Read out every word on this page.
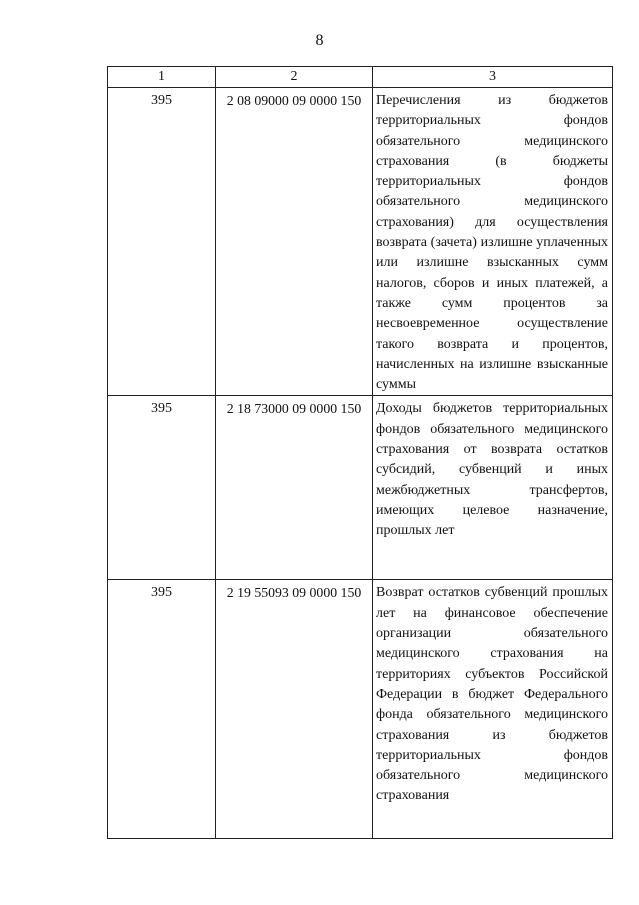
8
1	2	3
395	2 08 09000 09 0000 150	Перечисления из бюджетов территориальных фондов обязательного медицинского страхования (в бюджеты территориальных фондов обязательного медицинского страхования) для осуществления возврата (зачета) излишне уплаченных или излишне взысканных сумм налогов, сборов и иных платежей, а также сумм процентов за несвоевременное осуществление такого возврата и процентов, начисленных на излишне взысканные суммы
395	2 18 73000 09 0000 150	Доходы бюджетов территориальных фондов обязательного медицинского страхования от возврата остатков субсидий, субвенций и иных межбюджетных трансфертов, имеющих целевое назначение, прошлых лет
395	2 19 55093 09 0000 150	Возврат остатков субвенций прошлых лет на финансовое обеспечение организации обязательного медицинского страхования на территориях субъектов Российской Федерации в бюджет Федерального фонда обязательного медицинского страхования из бюджетов территориальных фондов обязательного медицинского страхования
